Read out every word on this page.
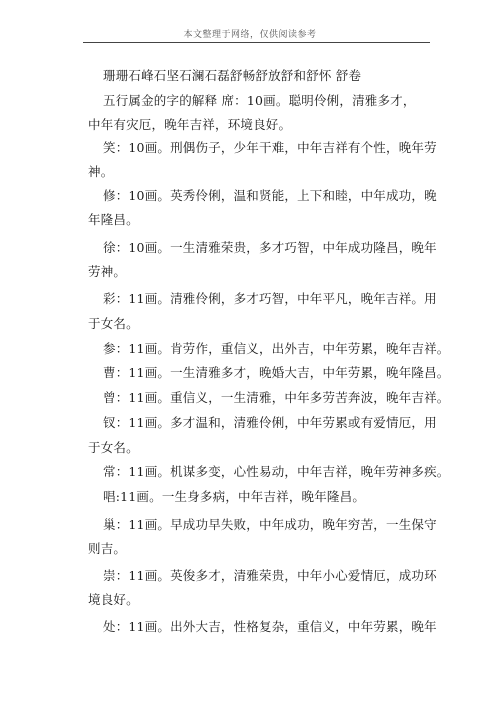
本文整理于网络，仅供阅读参考
珊珊石峰石坚石澜石磊舒畅舒放舒和舒怀 舒卷
五行属金的字的解释 席：10画。聪明伶俐，清雅多才，
中年有灾厄，晚年吉祥，环境良好。
笑：10画。刑偶伤子，少年干难，中年吉祥有个性，晚年劳
神。
修：10画。英秀伶俐，温和贤能，上下和睦，中年成功，晚
年隆昌。
徐：10画。一生清雅荣贵，多才巧智，中年成功隆昌，晚年
劳神。
彩：11画。清雅伶俐，多才巧智，中年平凡，晚年吉祥。用
于女名。
参：11画。肯劳作，重信义，出外吉，中年劳累，晚年吉祥。
曹：11画。一生清雅多才，晚婚大吉，中年劳累，晚年隆昌。
曾：11画。重信义，一生清雅，中年多劳苦奔波，晚年吉祥。
钗：11画。多才温和，清雅伶俐，中年劳累或有爱情厄，用
于女名。
常：11画。机谋多变，心性易动，中年吉祥，晚年劳神多疾。
唱:11画。一生身多病，中年吉祥，晚年隆昌。
巢：11画。早成功早失败，中年成功，晚年穷苦，一生保守
则吉。
崇：11画。英俊多才，清雅荣贵，中年小心爱情厄，成功环
境良好。
处：11画。出外大吉，性格复杂，重信义，中年劳累，晚年
